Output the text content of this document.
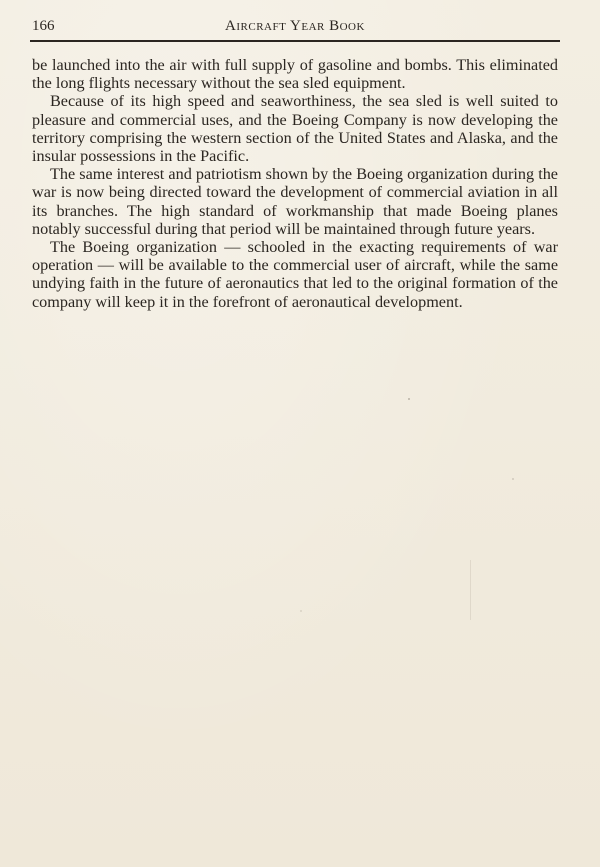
166	Aircraft Year Book

be launched into the air with full supply of gasoline and bombs. This eliminated the long flights necessary without the sea sled equipment.

Because of its high speed and seaworthiness, the sea sled is well suited to pleasure and commercial uses, and the Boeing Company is now developing the territory comprising the western section of the United States and Alaska, and the insular possessions in the Pacific.

The same interest and patriotism shown by the Boeing organization during the war is now being directed toward the development of commercial aviation in all its branches. The high standard of workmanship that made Boeing planes notably successful during that period will be maintained through future years.

The Boeing organization — schooled in the exacting requirements of war operation — will be available to the commercial user of aircraft, while the same undying faith in the future of aeronautics that led to the original formation of the company will keep it in the forefront of aeronautical development.
